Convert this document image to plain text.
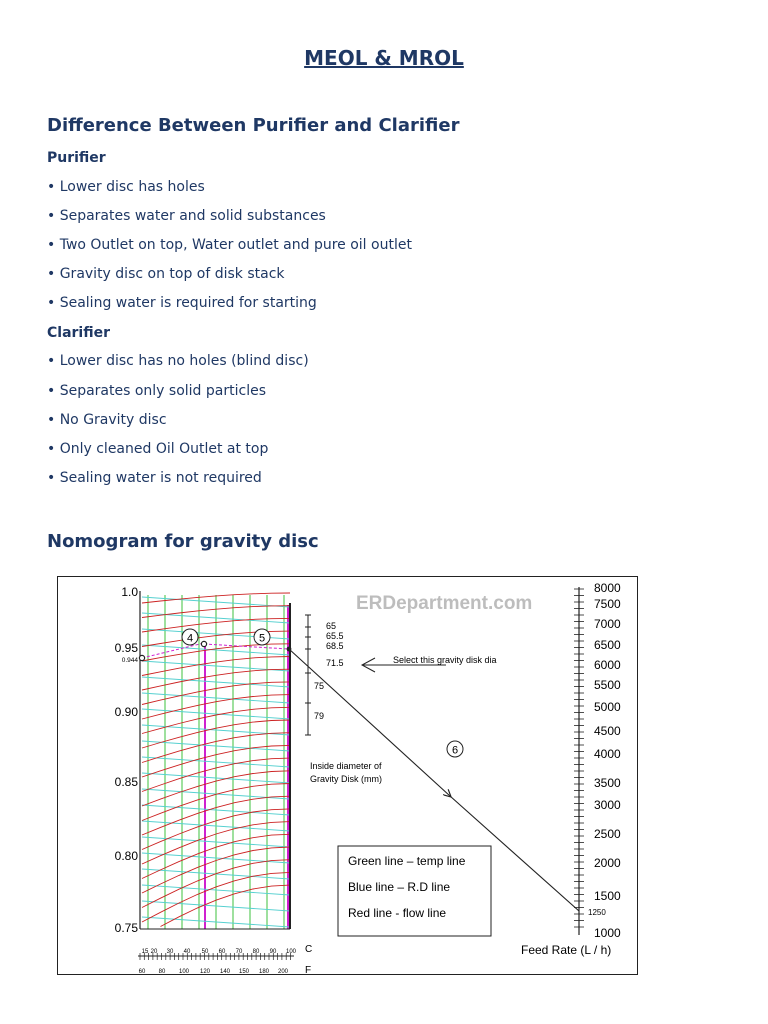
MEOL & MROL
Difference Between Purifier and Clarifier
Purifier
• Lower disc has holes
• Separates water and solid substances
• Two Outlet on top, Water outlet and pure oil outlet
• Gravity disc on top of disk stack
• Sealing water is required for starting
Clarifier
• Lower disc has no holes (blind disc)
• Separates only solid particles
• No Gravity disc
• Only cleaned Oil Outlet at top
• Sealing water is not required
Nomogram for gravity disc
1.0
0.95
0.90
0.85
0.80
0.75
0.944
4	5
6
ERDepartment.com
65
65.5
68.5
71.5
75
79
Select this gravity disk dia
Inside diameter of
Gravity Disk (mm)
8000
7500
7000
6500
6000
5500
5000
4500
4000
3500
3000
2500
2000
1500
1250
1000
Feed Rate (L / h)
15 20 30 40 50 60 70 80 90 100 C
60 80 100 120 140 150 180 200 F
Green line – temp line
Blue line – R.D line
Red line - flow line
